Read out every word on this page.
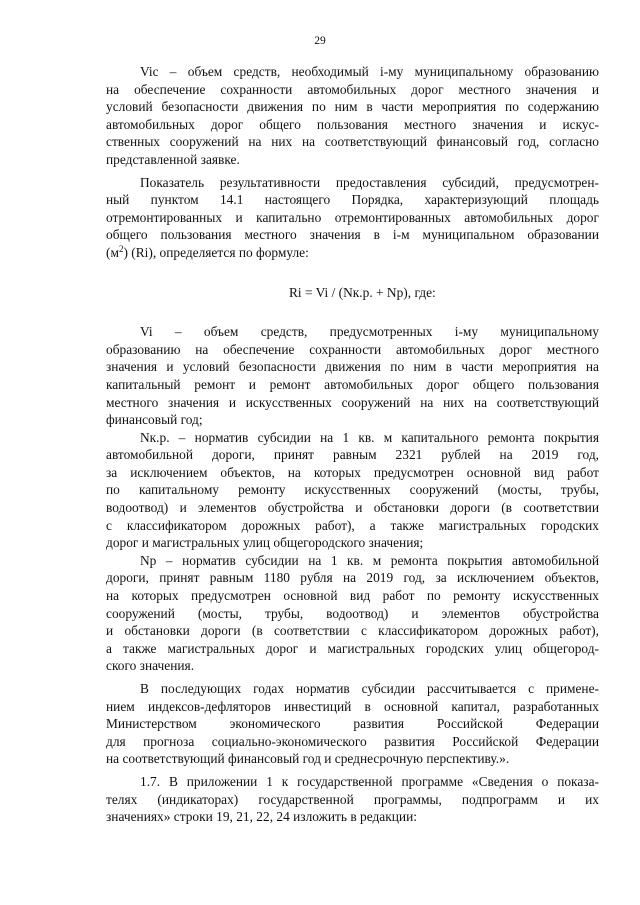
29
Vic – объем средств, необходимый i-му муниципальному образованию
на обеспечение сохранности автомобильных дорог местного значения и
условий безопасности движения по ним в части мероприятия по содержанию
автомобильных дорог общего пользования местного значения и искус-
ственных сооружений на них на соответствующий финансовый год, согласно
представленной заявке.
Показатель результативности предоставления субсидий, предусмотрен-
ный пунктом 14.1 настоящего Порядка, характеризующий площадь
отремонтированных и капитально отремонтированных автомобильных дорог
общего пользования местного значения в i-м муниципальном образовании
$(м^2)$ (Ri), определяется по формуле:

Ri = Vi / (Nк.р. + Np), где:

Vi – объем средств, предусмотренных i-му муниципальному
образованию на обеспечение сохранности автомобильных дорог местного
значения и условий безопасности движения по ним в части мероприятия на
капитальный ремонт и ремонт автомобильных дорог общего пользования
местного значения и искусственных сооружений на них на соответствующий
финансовый год;
Nк.р. – норматив субсидии на 1 кв. м капитального ремонта покрытия
автомобильной дороги, принят равным 2321 рублей на 2019 год,
за исключением объектов, на которых предусмотрен основной вид работ
по капитальному ремонту искусственных сооружений (мосты, трубы,
водоотвод) и элементов обустройства и обстановки дороги (в соответствии
с классификатором дорожных работ), а также магистральных городских
дорог и магистральных улиц общегородского значения;
Np – норматив субсидии на 1 кв. м ремонта покрытия автомобильной
дороги, принят равным 1180 рубля на 2019 год, за исключением объектов,
на которых предусмотрен основной вид работ по ремонту искусственных
сооружений (мосты, трубы, водоотвод) и элементов обустройства
и обстановки дороги (в соответствии с классификатором дорожных работ),
а также магистральных дорог и магистральных городских улиц общегород-
ского значения.
В последующих годах норматив субсидии рассчитывается с примене-
нием индексов-дефляторов инвестиций в основной капитал, разработанных
Министерством экономического развития Российской Федерации
для прогноза социально-экономического развития Российской Федерации
на соответствующий финансовый год и среднесрочную перспективу.».
1.7. В приложении 1 к государственной программе «Сведения о показа-
телях (индикаторах) государственной программы, подпрограмм и их
значениях» строки 19, 21, 22, 24 изложить в редакции:
